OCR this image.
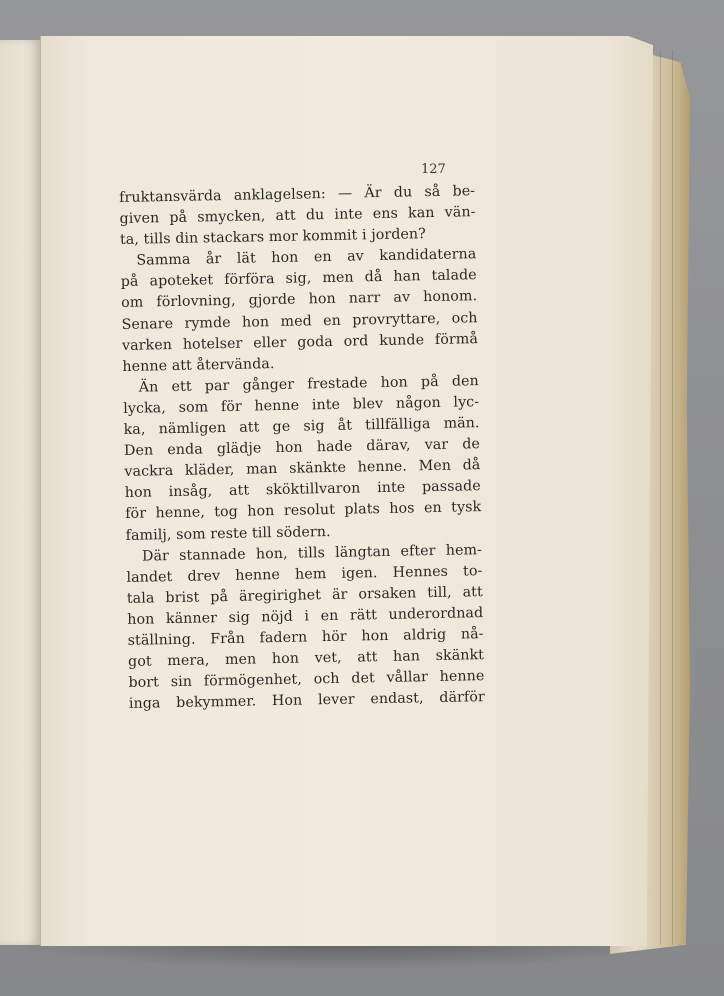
127
fruktansvärda anklagelsen: — Är du så be-
given på smycken, att du inte ens kan vän-
ta, tills din stackars mor kommit i jorden?
Samma år lät hon en av kandidaterna
på apoteket förföra sig, men då han talade
om förlovning, gjorde hon narr av honom.
Senare rymde hon med en provryttare, och
varken hotelser eller goda ord kunde förmå
henne att återvända.
Än ett par gånger frestade hon på den
lycka, som för henne inte blev någon lyc-
ka, nämligen att ge sig åt tillfälliga män.
Den enda glädje hon hade därav, var de
vackra kläder, man skänkte henne. Men då
hon insåg, att sköktillvaron inte passade
för henne, tog hon resolut plats hos en tysk
familj, som reste till södern.
Där stannade hon, tills längtan efter hem-
landet drev henne hem igen. Hennes to-
tala brist på äregirighet är orsaken till, att
hon känner sig nöjd i en rätt underordnad
ställning. Från fadern hör hon aldrig nå-
got mera, men hon vet, att han skänkt
bort sin förmögenhet, och det vållar henne
inga bekymmer. Hon lever endast, därför
